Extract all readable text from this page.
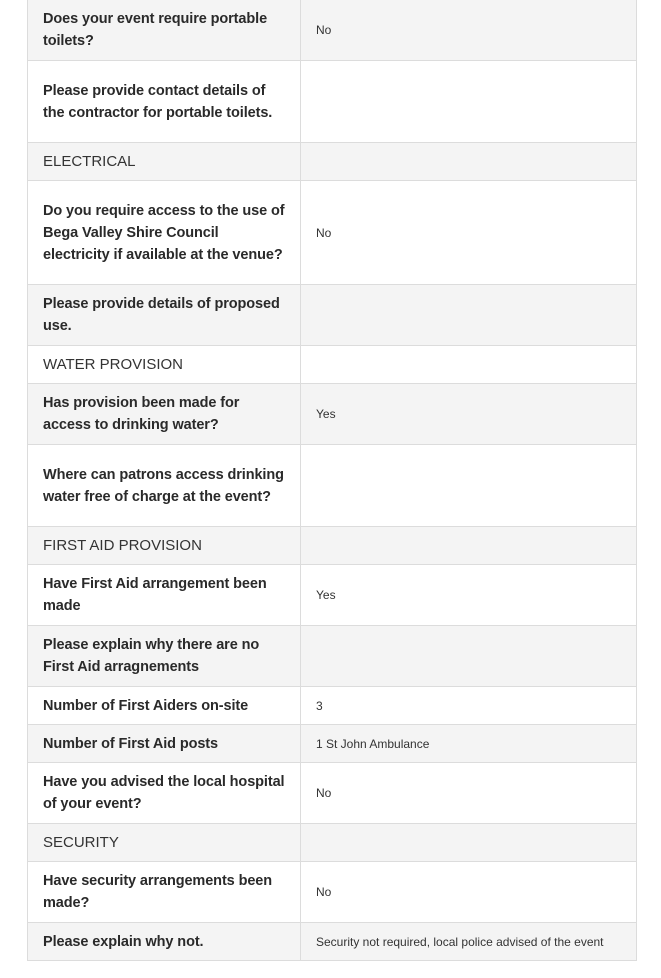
Does your event require portable toilets?	No

Please provide contact details of the contractor for portable toilets.	

ELECTRICAL	

Do you require access to the use of Bega Valley Shire Council electricity if available at the venue?	No

Please provide details of proposed use.	

WATER PROVISION	

Has provision been made for access to drinking water?	Yes

Where can patrons access drinking water free of charge at the event?	

FIRST AID PROVISION	

Have First Aid arrangement been made	Yes

Please explain why there are no First Aid arragnements	

Number of First Aiders on-site	3

Number of First Aid posts	1 St John Ambulance

Have you advised the local hospital of your event?	No

SECURITY	

Have security arrangements been made?	No

Please explain why not.	Security not required, local police advised of the event
